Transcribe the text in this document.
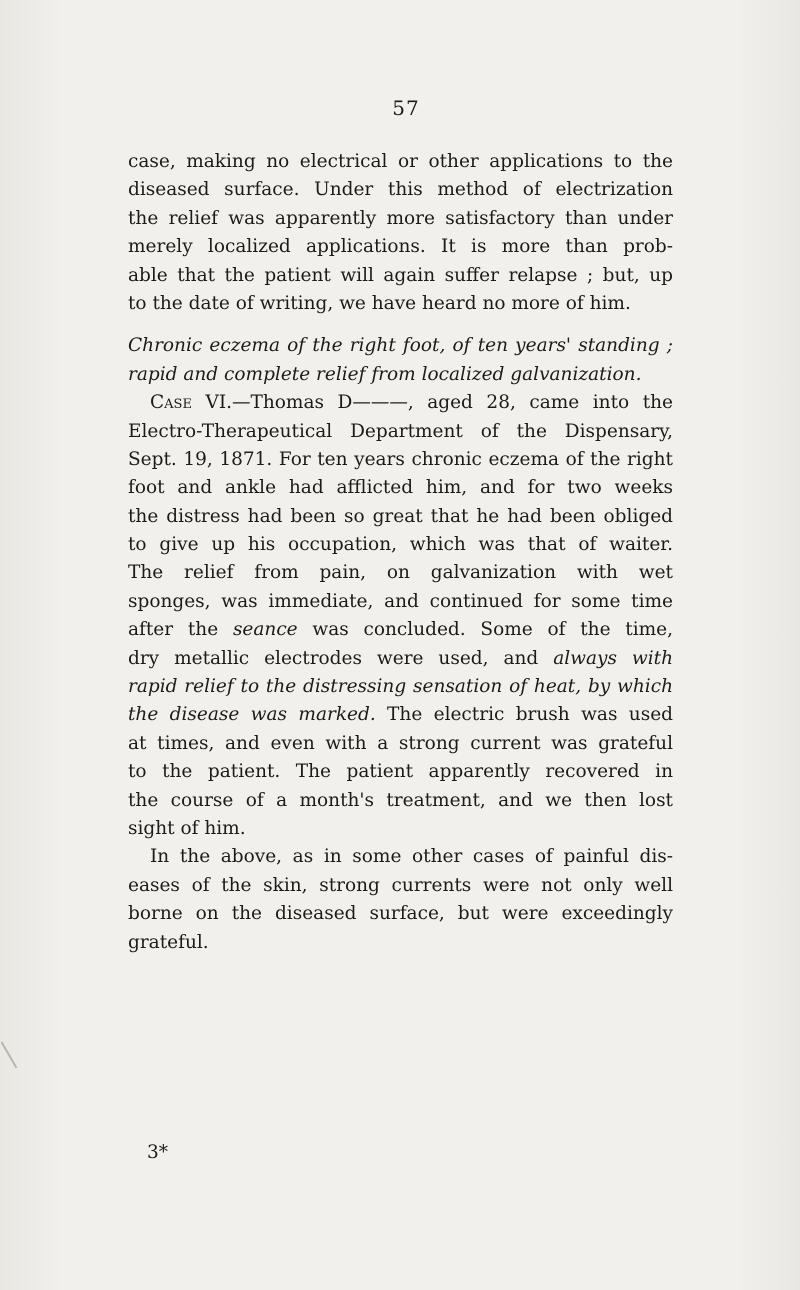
57
case, making no electrical or other applications to the
diseased surface. Under this method of electrization
the relief was apparently more satisfactory than under
merely localized applications. It is more than prob-
able that the patient will again suffer relapse ; but, up
to the date of writing, we have heard no more of him.
Chronic eczema of the right foot, of ten years' standing ;
rapid and complete relief from localized galvanization.
Case VI.—Thomas D———, aged 28, came into the
Electro-Therapeutical Department of the Dispensary,
Sept. 19, 1871. For ten years chronic eczema of the right
foot and ankle had afflicted him, and for two weeks
the distress had been so great that he had been obliged
to give up his occupation, which was that of waiter.
The relief from pain, on galvanization with wet
sponges, was immediate, and continued for some time
after the seance was concluded. Some of the time,
dry metallic electrodes were used, and always with
rapid relief to the distressing sensation of heat, by which
the disease was marked. The electric brush was used
at times, and even with a strong current was grateful
to the patient. The patient apparently recovered in
the course of a month's treatment, and we then lost
sight of him.
In the above, as in some other cases of painful dis-
eases of the skin, strong currents were not only well
borne on the diseased surface, but were exceedingly
grateful.
3*
